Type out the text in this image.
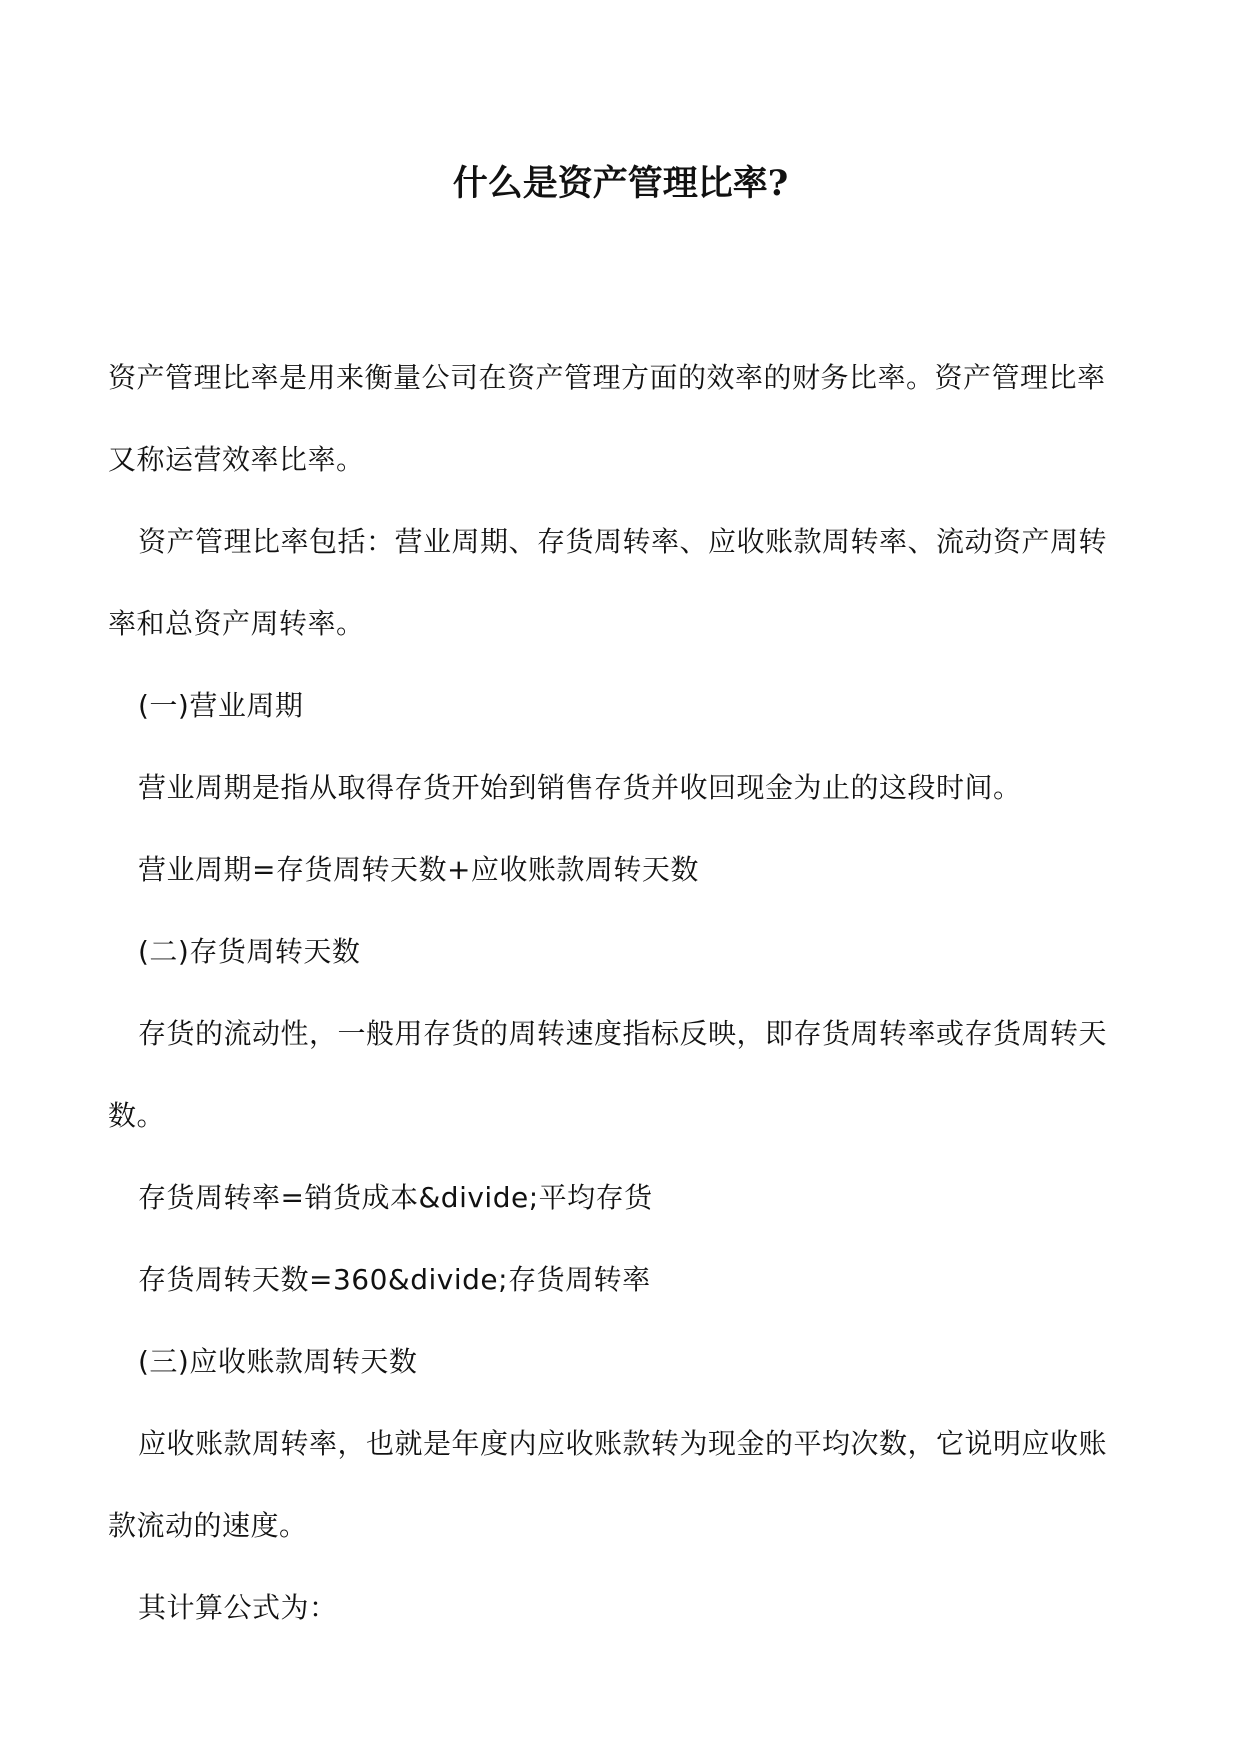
什么是资产管理比率?

资产管理比率是用来衡量公司在资产管理方面的效率的财务比率。资产管理比率
又称运营效率比率。

资产管理比率包括：营业周期、存货周转率、应收账款周转率、流动资产周转
率和总资产周转率。

(一)营业周期

营业周期是指从取得存货开始到销售存货并收回现金为止的这段时间。

营业周期=存货周转天数+应收账款周转天数

(二)存货周转天数

存货的流动性，一般用存货的周转速度指标反映，即存货周转率或存货周转天
数。

存货周转率=销货成本&divide;平均存货

存货周转天数=360&divide;存货周转率

(三)应收账款周转天数

应收账款周转率，也就是年度内应收账款转为现金的平均次数，它说明应收账
款流动的速度。

其计算公式为：
